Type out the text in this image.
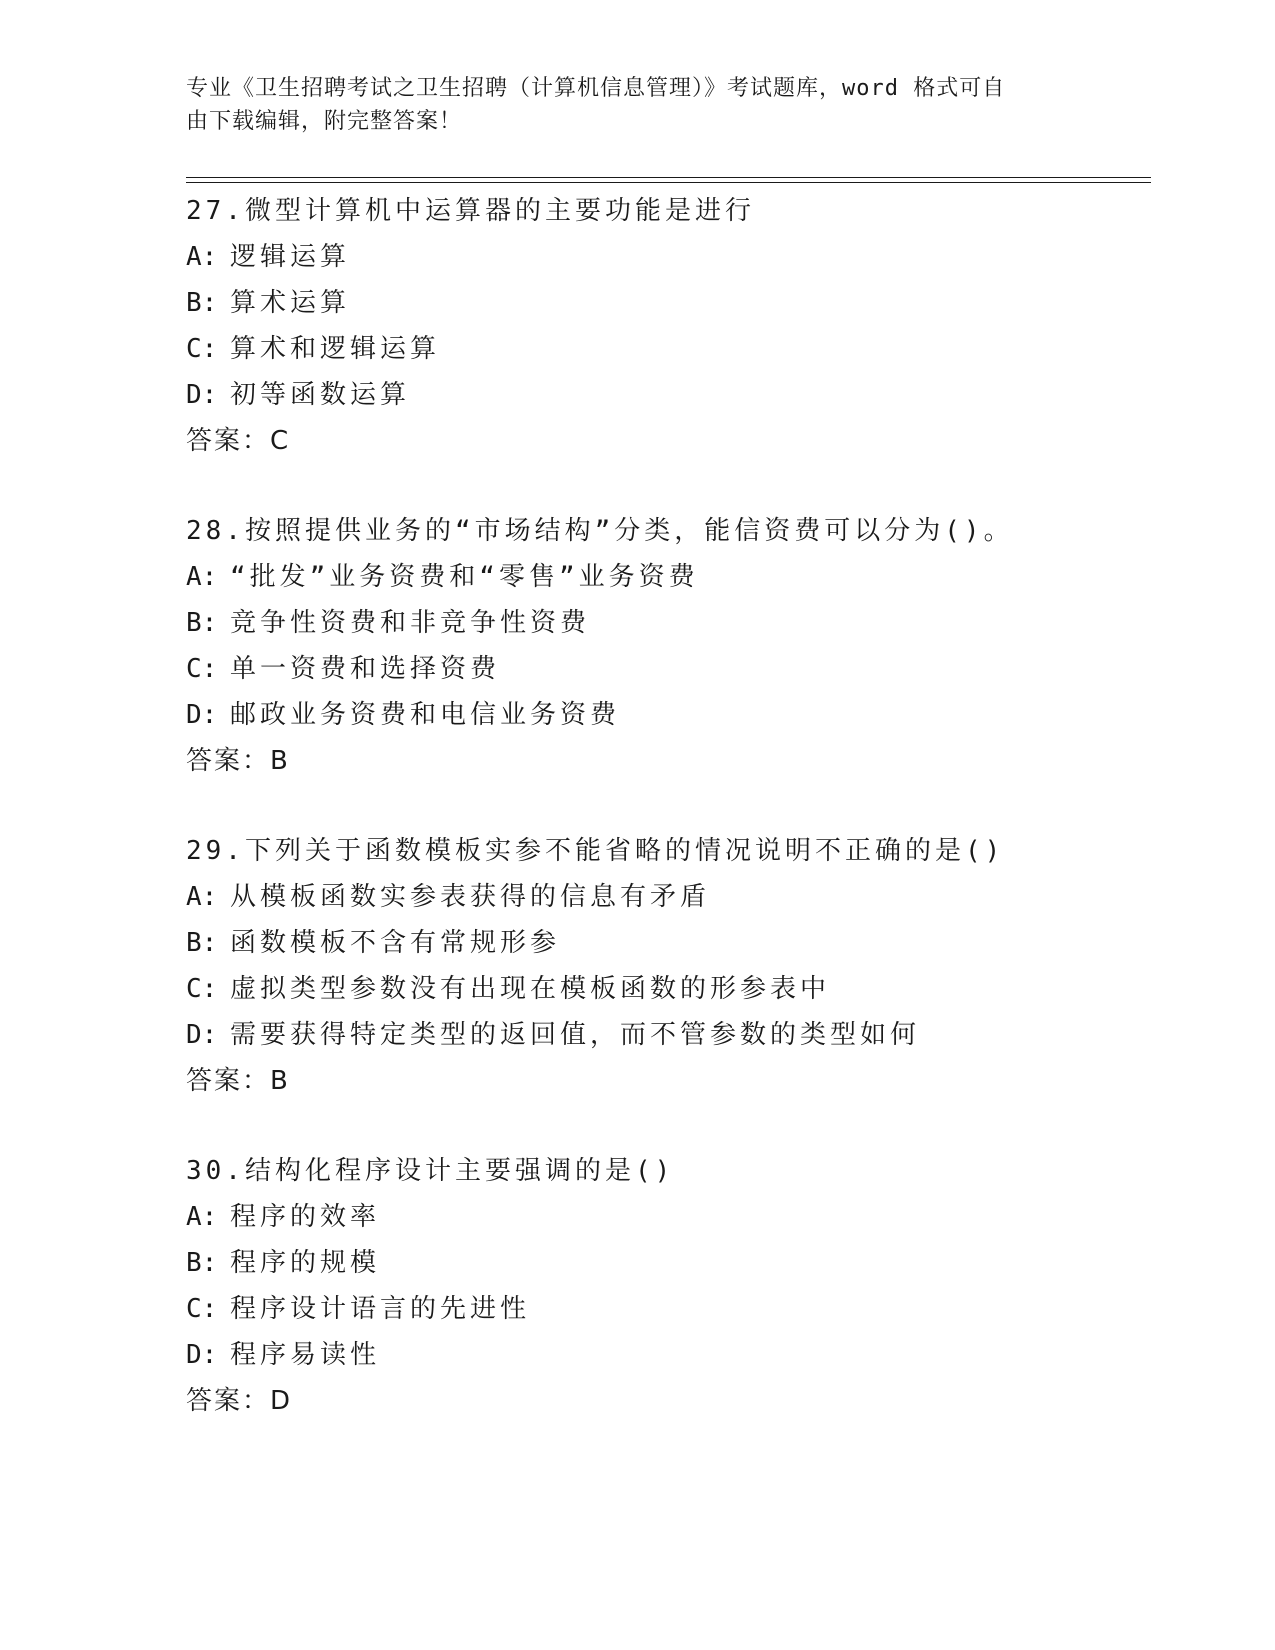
专业《卫生招聘考试之卫生招聘（计算机信息管理）》考试题库，word 格式可自
由下载编辑，附完整答案！
27.微型计算机中运算器的主要功能是进行
A: 逻辑运算
B: 算术运算
C: 算术和逻辑运算
D: 初等函数运算
答案：C
28.按照提供业务的“市场结构”分类，能信资费可以分为()。
A: “批发”业务资费和“零售”业务资费
B: 竞争性资费和非竞争性资费
C: 单一资费和选择资费
D: 邮政业务资费和电信业务资费
答案：B
29.下列关于函数模板实参不能省略的情况说明不正确的是()
A: 从模板函数实参表获得的信息有矛盾
B: 函数模板不含有常规形参
C: 虚拟类型参数没有出现在模板函数的形参表中
D: 需要获得特定类型的返回值，而不管参数的类型如何
答案：B
30.结构化程序设计主要强调的是()
A: 程序的效率
B: 程序的规模
C: 程序设计语言的先进性
D: 程序易读性
答案：D
